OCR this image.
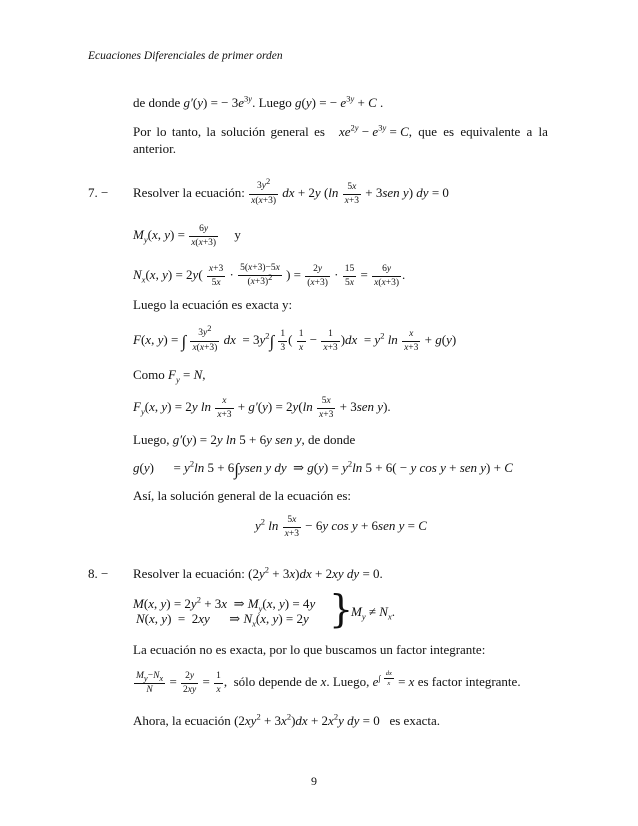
Ecuaciones Diferenciales de primer orden
de donde g′(y) = − $3e^{3y}$. Luego g(y) = − $e^{3y} + C$ .
Por lo tanto, la solución general es $xe^{2y} - e^{3y} = C$ , que es equivalente a la
anterior.
7. − Resolver la ecuación: $\frac{3y^2}{x(x+3)}$ dx + 2y ($\ln \frac{5x}{x+3} + 3sen$ y) dy = 0
$M_y(x$, $y) = \frac{6y}{x(x+3)}$ y
$N_x(x$, $y) = 2y( \frac{x+3}{5x} \cdot \frac{5(x+3)-5x}{(x+3)^2}$ ) = $\frac{2y}{(x+3)} \cdot \frac{15}{5x} = \frac{6y}{x(x+3)}$ .
Luego la ecuación es exacta y:
F(x, y) = ∫ $\frac{3y^2}{x(x+3)}$ dx  = $3y^2\int \frac{1}{3}$ ( $\frac{1}{x} - \frac{1}{x+3} )dx = y^2$ $\ln \frac{x}{x+3} + g(y)$
Como $F_y = N$,
$F_y(x$, y) = 2y $\ln \frac{x}{x+3} + g'(y) = 2y(\ln \frac{5x}{x+3} + 3sen$ y).
Luego, g′(y) = 2y ln 5 + 6y sen y, de donde
g(y)      = $y^2\ln$ 5 + 6∫ysen y dy  ⇒ $g(y) = y^2\ln$ 5 + 6( − y cos y + sen y) + C
Así, la solución general de la ecuación es:
$y^2$ $\ln \frac{5x}{x+3} - 6y$ cos y + 6sen y = C
8. − Resolver la ecuación: $(2y^2 + 3x)dx + 2xy$ dy = 0.
M(x, $y) = 2y^2 + 3x$  ⇒ $M_y(x$, y) = 4y
N(x, y)  =  2xy      ⇒ $N_x(x$, y) = 2y }
$M_y \ne N_x$.
La ecuación no es exacta, por lo que buscamos un factor integrante:
$\frac{M_y-N_x}{N} = \frac{2y}{2xy} = \frac{1}{x}$ ,  sólo depende de x. Luego, $e^{\int \frac{dx}{x}} = x$ es factor integrante.
Ahora, la ecuación $(2xy^2 + 3x^2)dx + 2x^2y$ dy = 0   es exacta.
9
